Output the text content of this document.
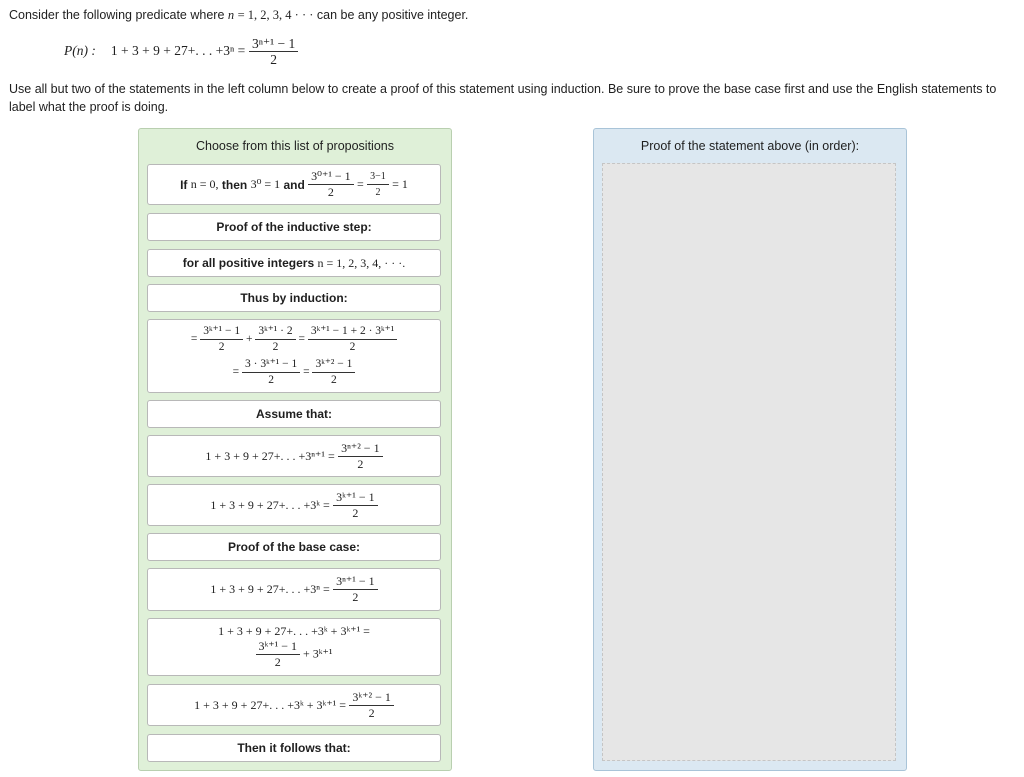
Consider the following predicate where n = 1, 2, 3, 4 · · · can be any positive integer.

P(n) : 1 + 3 + 9 + 27+. . . $+3^n = \frac{\text{3ⁿ⁺¹ − 1}}{2}$
Use all but two of the statements in the left column below to create a proof of this statement using induction. Be sure to prove the base case first and use the English statements to label what the proof is doing.
Choose from this list of propositions
If
n = 0,
then
3⁰ = 1
and
$\frac{\text{3⁰⁺¹ − 1}}{2}$
=
$\frac{3-1}{2}$
= 1
Proof of the inductive step:
for all positive integers
n = 1, 2, 3, 4, · · ·.
Thus by induction:
= $\frac{\text{3ᵏ⁺¹ − 1}}{2} + \frac{\text{3ᵏ⁺¹ · 2}}{2} = \frac{\text{3ᵏ⁺¹ − 1 + 2 · 3ᵏ⁺¹}}{2}$
= $\frac{\text{3 · 3ᵏ⁺¹ − 1}}{2} = \frac{\text{3ᵏ⁺² − 1}}{2}$
Assume that:
1 + 3 + 9 + 27+. . . +3ⁿ⁺¹ =
$\frac{\text{3ⁿ⁺² − 1}}{2}$
1 + 3 + 9 + 27+. . . +3ᵏ =
$\frac{\text{3ᵏ⁺¹ − 1}}{2}$
Proof of the base case:
1 + 3 + 9 + 27+. . . +3ⁿ =
$\frac{\text{3ⁿ⁺¹ − 1}}{2}$
1 + 3 + 9 + 27+. . . +3ᵏ + 3ᵏ⁺¹ =
$\frac{\text{3ᵏ⁺¹ − 1}}{2}$ + 3ᵏ⁺¹
1 + 3 + 9 + 27+. . . +3ᵏ + 3ᵏ⁺¹ =
$\frac{\text{3ᵏ⁺² − 1}}{2}$
Then it follows that:
Proof of the statement above (in order):
